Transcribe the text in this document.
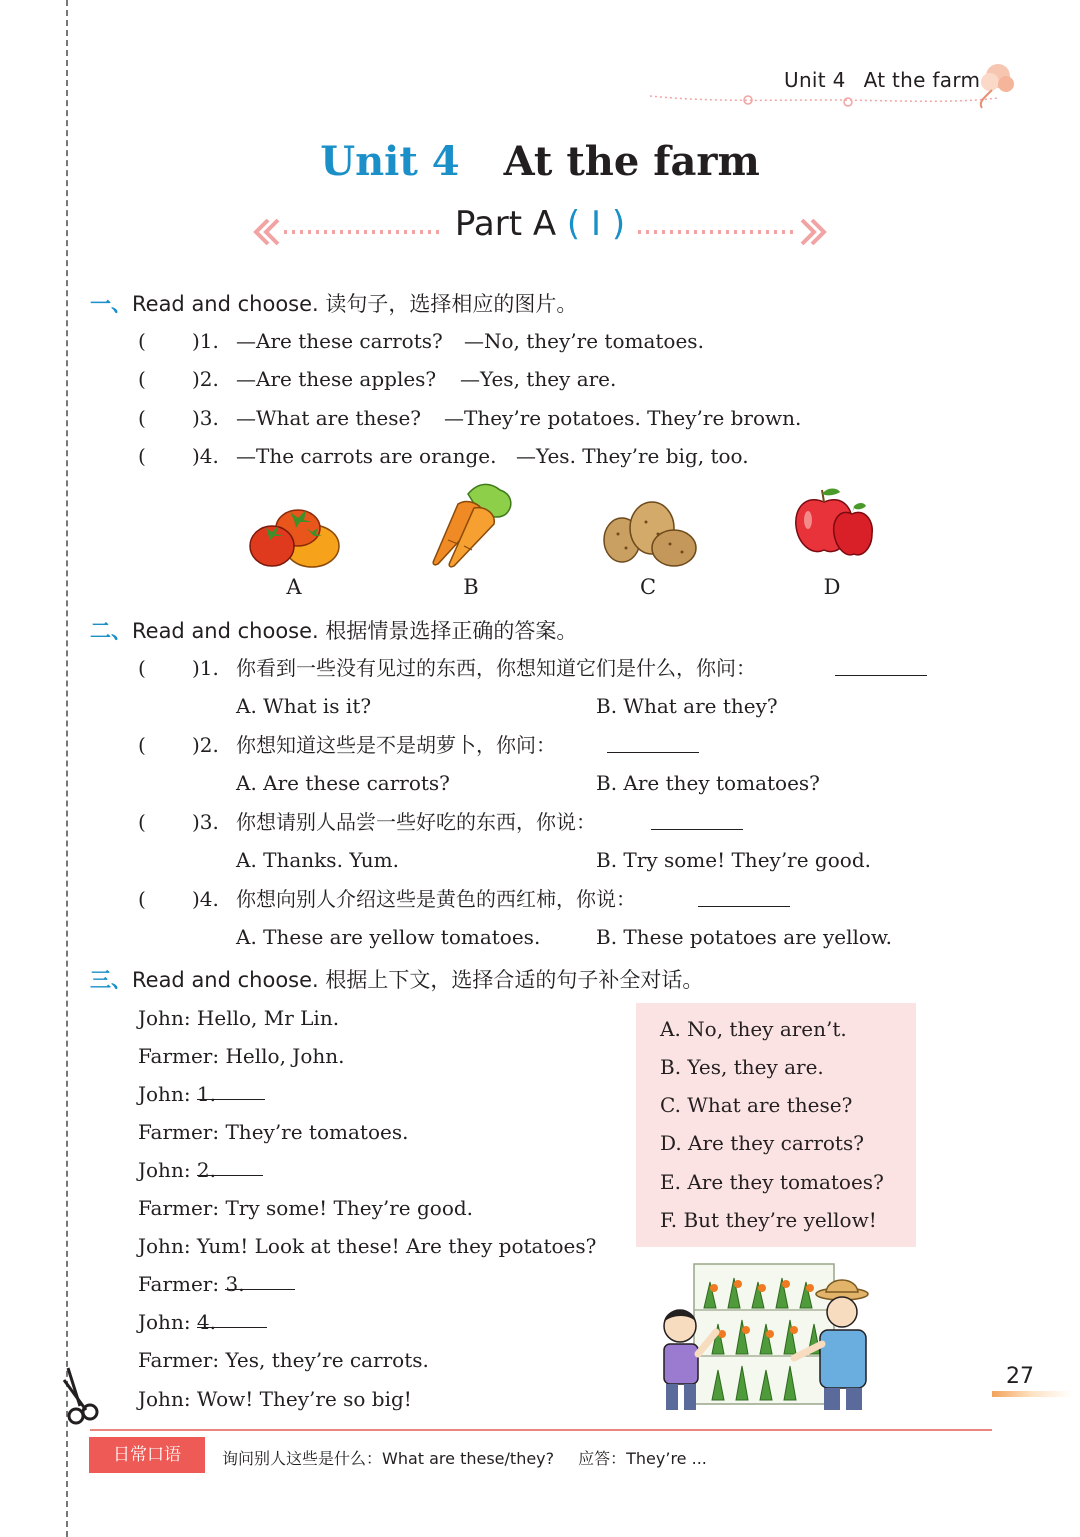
Unit 4 At the farm
Unit 4 At the farm
Part A ( Ⅰ )
一、Read and choose. 读句子，选择相应的图片。
( )1. —Are these carrots? —No, they’re tomatoes.
( )2. —Are these apples? —Yes, they are.
( )3. —What are these? —They’re potatoes. They’re brown.
( )4. —The carrots are orange. —Yes. They’re big, too.
A	B	C	D
二、Read and choose. 根据情景选择正确的答案。
( )1. 你看到一些没有见过的东西，你想知道它们是什么，你问：
A. What is it?	B. What are they?
( )2. 你想知道这些是不是胡萝卜，你问：
A. Are these carrots?	B. Are they tomatoes?
( )3. 你想请别人品尝一些好吃的东西，你说：
A. Thanks. Yum.	B. Try some! They’re good.
( )4. 你想向别人介绍这些是黄色的西红柿，你说：
A. These are yellow tomatoes.	B. These potatoes are yellow.
三、Read and choose. 根据上下文，选择合适的句子补全对话。
John: Hello, Mr Lin.
Farmer: Hello, John.
John: 1.
Farmer: They’re tomatoes.
John: 2.
Farmer: Try some! They’re good.
John: Yum! Look at these! Are they potatoes?
Farmer: 3.
John: 4.
Farmer: Yes, they’re carrots.
John: Wow! They’re so big!
A. No, they aren’t.
B. Yes, they are.
C. What are these?
D. Are they carrots?
E. Are they tomatoes?
F. But they’re yellow!
27
日常口语	询问别人这些是什么：What are these/they? 应答：They’re ...
